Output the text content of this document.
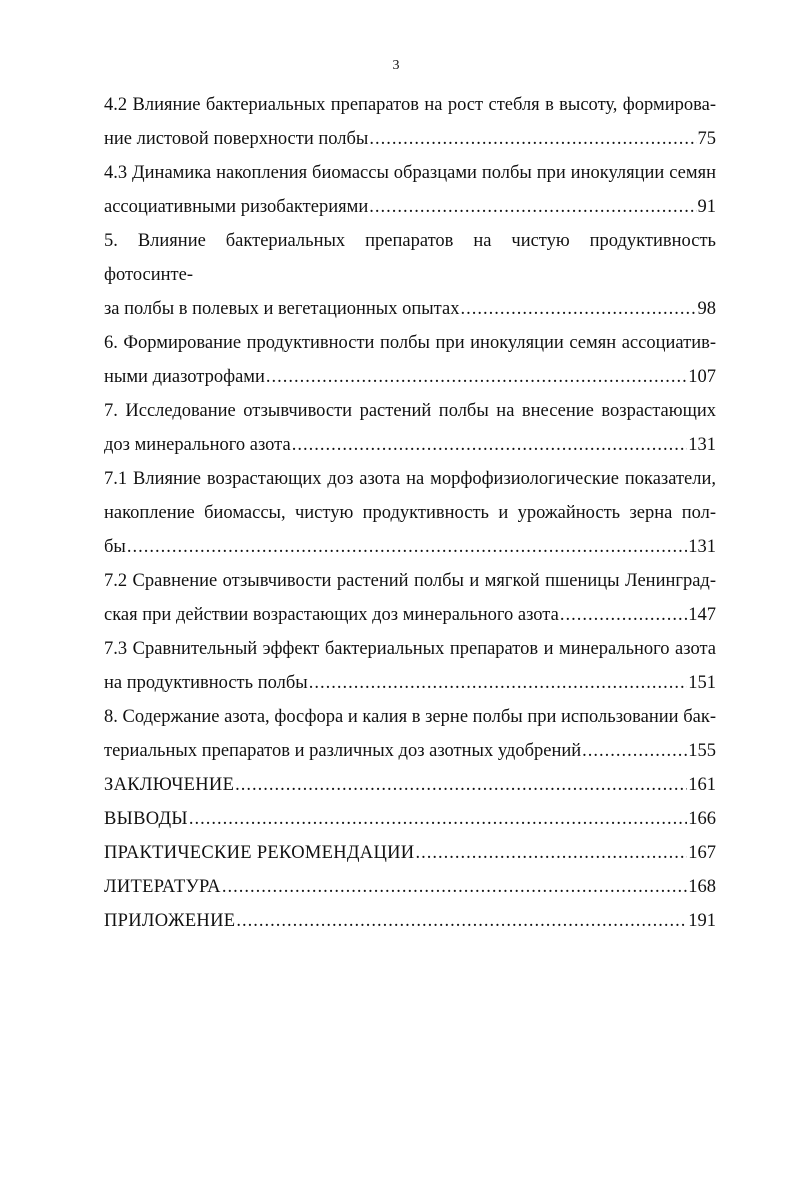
3
4.2 Влияние бактериальных препаратов на рост стебля в высоту, формирова-
ние листовой поверхности полбы .....	75
4.3 Динамика накопления биомассы образцами полбы при инокуляции семян
ассоциативными ризобактериями .....	91
5. Влияние бактериальных препаратов на чистую продуктивность фотосинте-
за полбы в полевых и вегетационных опытах .....	98
6. Формирование продуктивности полбы при инокуляции семян ассоциатив-
ными диазотрофами .....	107
7. Исследование отзывчивости растений полбы на внесение возрастающих
доз минерального азота .....	131
7.1 Влияние возрастающих доз азота на морфофизиологические показатели,
накопление биомассы, чистую продуктивность и урожайность зерна пол-
бы .....	131
7.2 Сравнение отзывчивости растений полбы и мягкой пшеницы Ленинград-
ская при действии возрастающих доз минерального азота .....	147
7.3 Сравнительный эффект бактериальных препаратов и минерального азота
на продуктивность полбы .....	151
8. Содержание азота, фосфора и калия в зерне полбы при использовании бак-
териальных препаратов и различных доз азотных удобрений .....	155
ЗАКЛЮЧЕНИЕ .....	161
ВЫВОДЫ .....	166
ПРАКТИЧЕСКИЕ РЕКОМЕНДАЦИИ .....	167
ЛИТЕРАТУРА .....	168
ПРИЛОЖЕНИЕ .....	191
